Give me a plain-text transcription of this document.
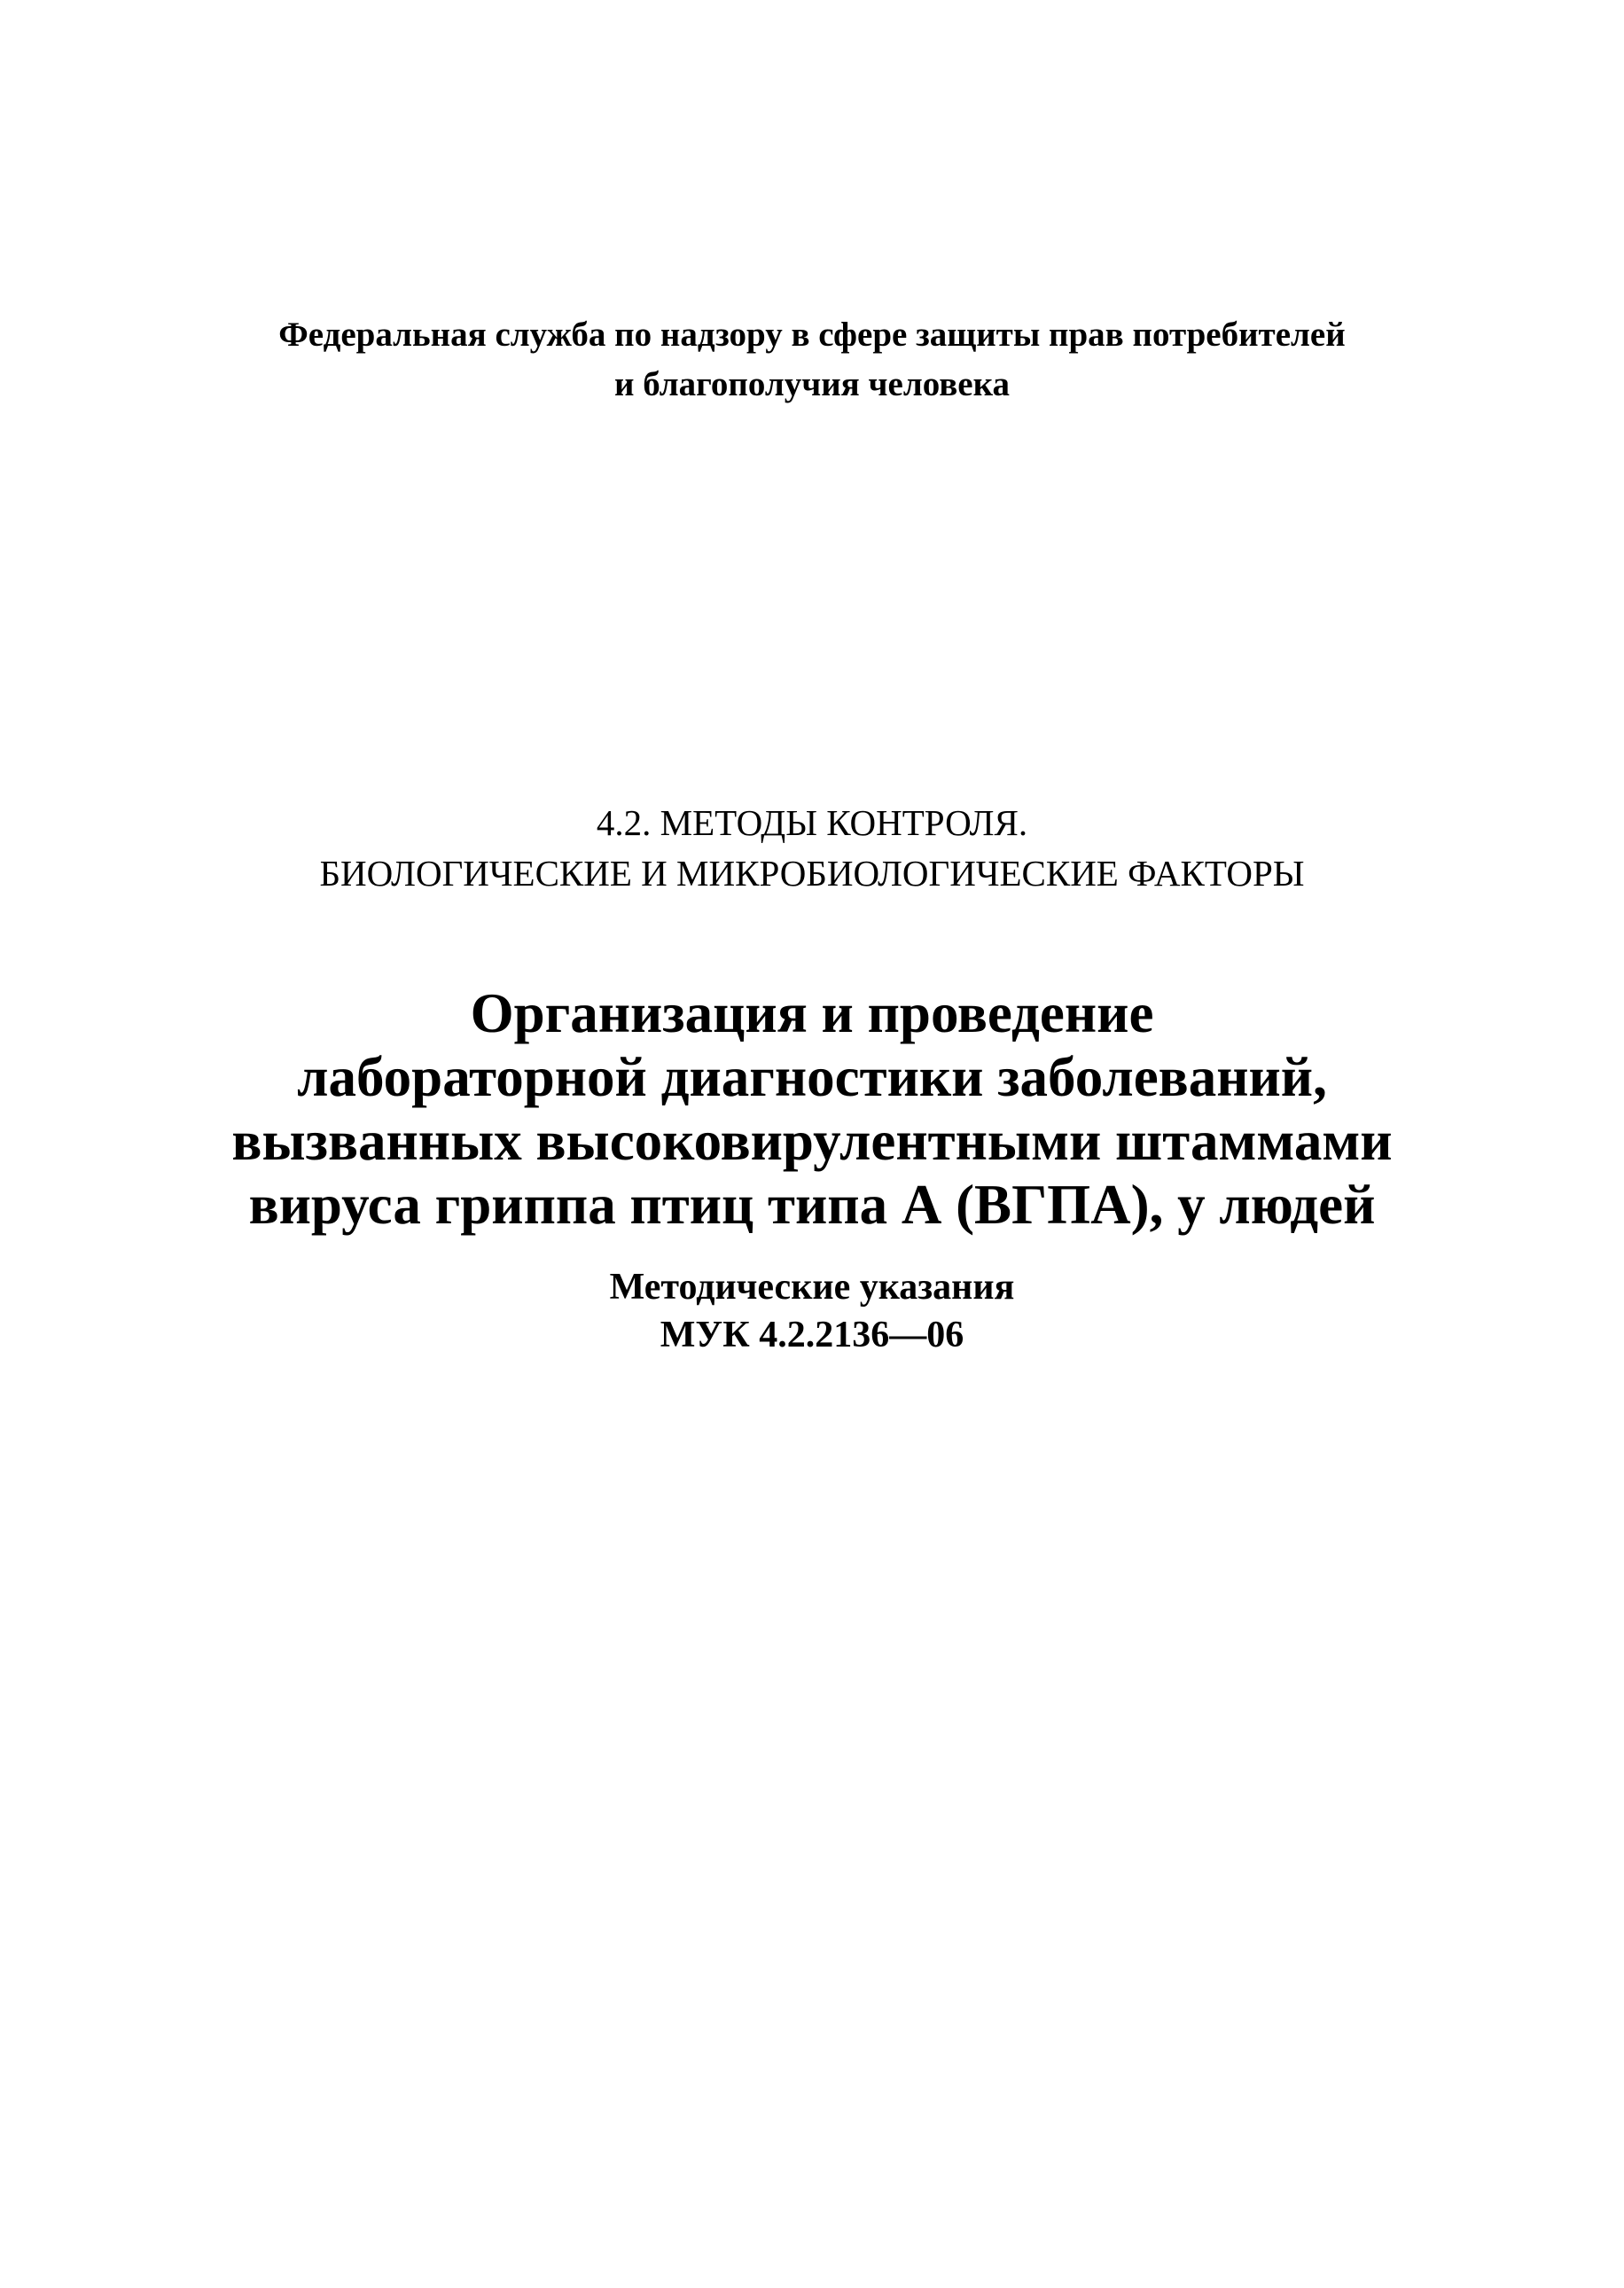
Федеральная служба по надзору в сфере защиты прав потребителей
и благополучия человека
4.2. МЕТОДЫ КОНТРОЛЯ.
БИОЛОГИЧЕСКИЕ И МИКРОБИОЛОГИЧЕСКИЕ ФАКТОРЫ
Организация и проведение
лабораторной диагностики заболеваний,
вызванных высоковирулентными штаммами
вируса гриппа птиц типа А (ВГПА), у людей
Методические указания
МУК 4.2.2136—06
